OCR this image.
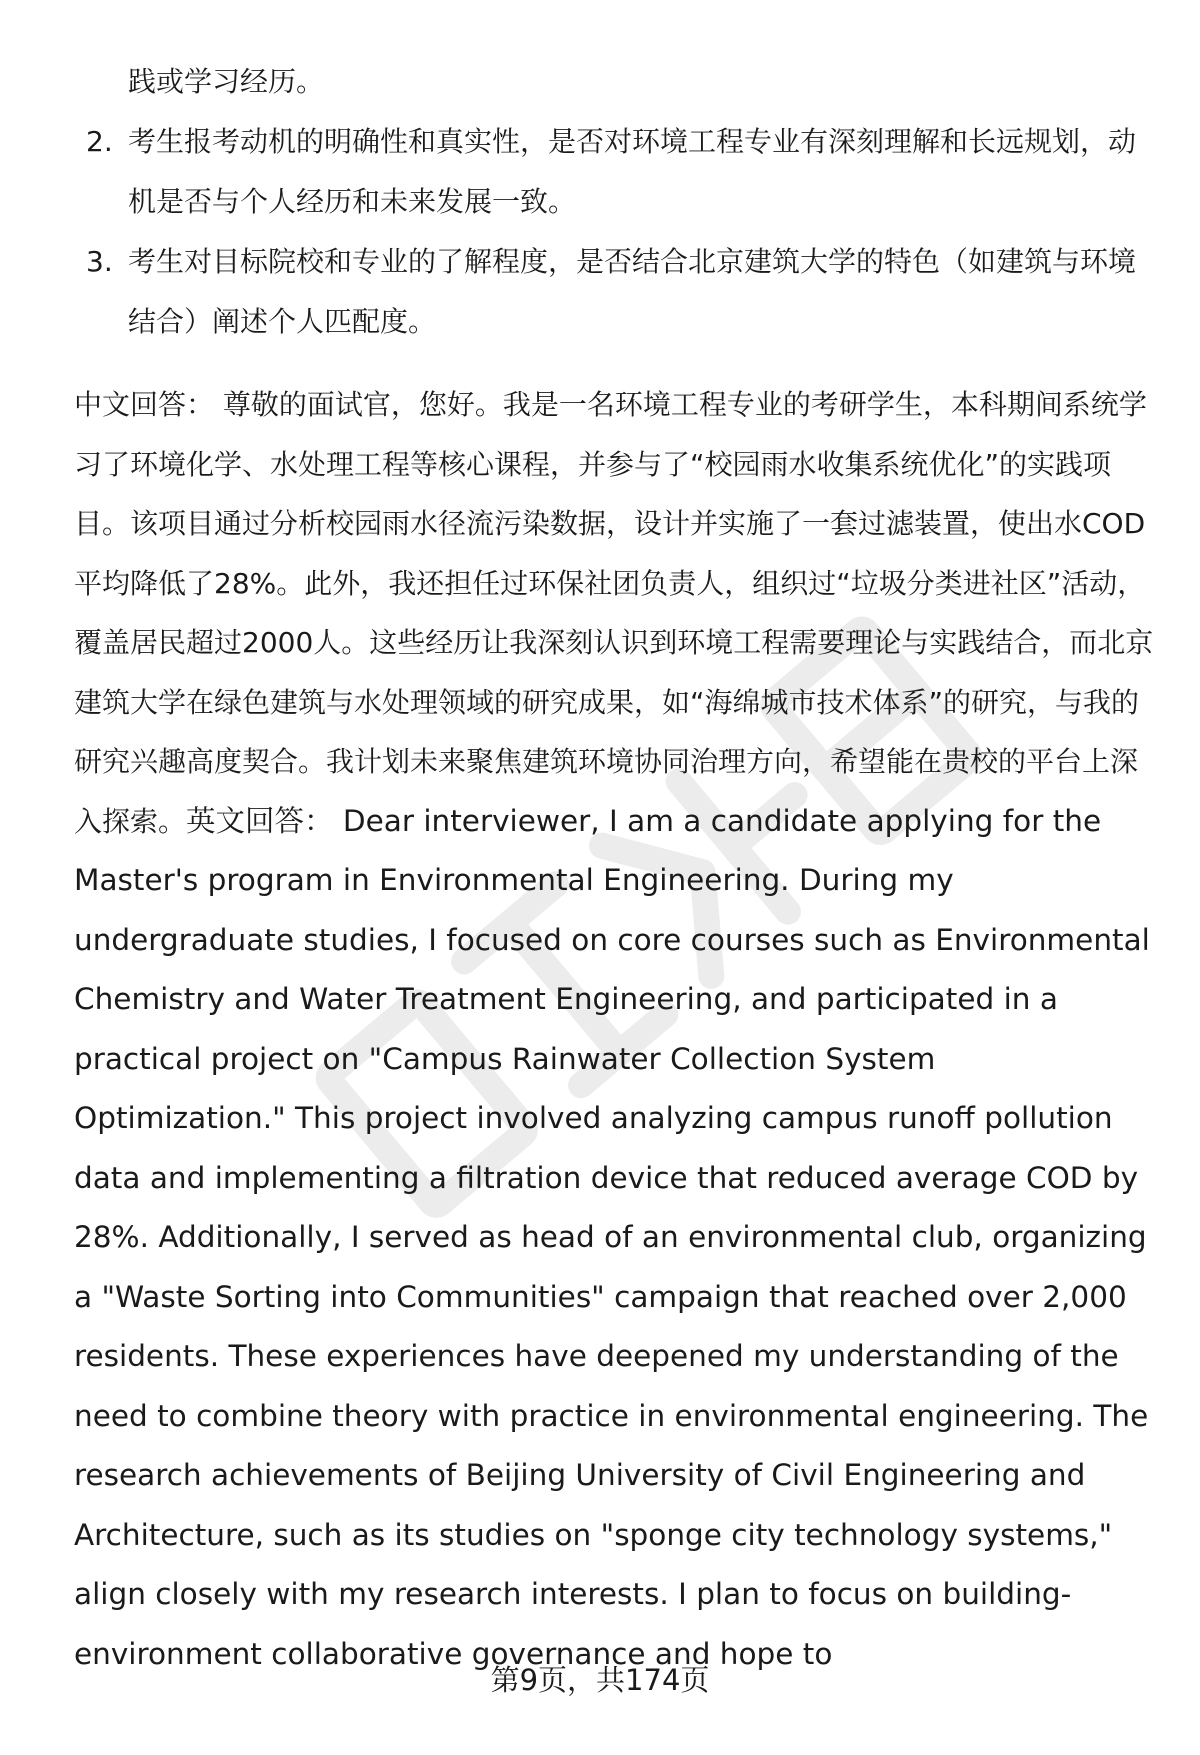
践或学习经历。

2. 考生报考动机的明确性和真实性，是否对环境工程专业有深刻理解和长远规划，动机是否与个人经历和未来发展一致。

3. 考生对目标院校和专业的了解程度，是否结合北京建筑大学的特色（如建筑与环境结合）阐述个人匹配度。

中文回答： 尊敬的面试官，您好。我是一名环境工程专业的考研学生，本科期间系统学习了环境化学、水处理工程等核心课程，并参与了“校园雨水收集系统优化”的实践项目。该项目通过分析校园雨水径流污染数据，设计并实施了一套过滤装置，使出水COD平均降低了28%。此外，我还担任过环保社团负责人，组织过“垃圾分类进社区”活动，覆盖居民超过2000人。这些经历让我深刻认识到环境工程需要理论与实践结合，而北京建筑大学在绿色建筑与水处理领域的研究成果，如“海绵城市技术体系”的研究，与我的研究兴趣高度契合。我计划未来聚焦建筑环境协同治理方向，希望能在贵校的平台上深入探索。英文回答： Dear interviewer, I am a candidate applying for the Master's program in Environmental Engineering. During my undergraduate studies, I focused on core courses such as Environmental Chemistry and Water Treatment Engineering, and participated in a practical project on "Campus Rainwater Collection System Optimization." This project involved analyzing campus runoff pollution data and implementing a filtration device that reduced average COD by 28%. Additionally, I served as head of an environmental club, organizing a "Waste Sorting into Communities" campaign that reached over 2,000 residents. These experiences have deepened my understanding of the need to combine theory with practice in environmental engineering. The research achievements of Beijing University of Civil Engineering and Architecture, such as its studies on "sponge city technology systems," align closely with my research interests. I plan to focus on building-environment collaborative governance and hope to

第9页，共174页
